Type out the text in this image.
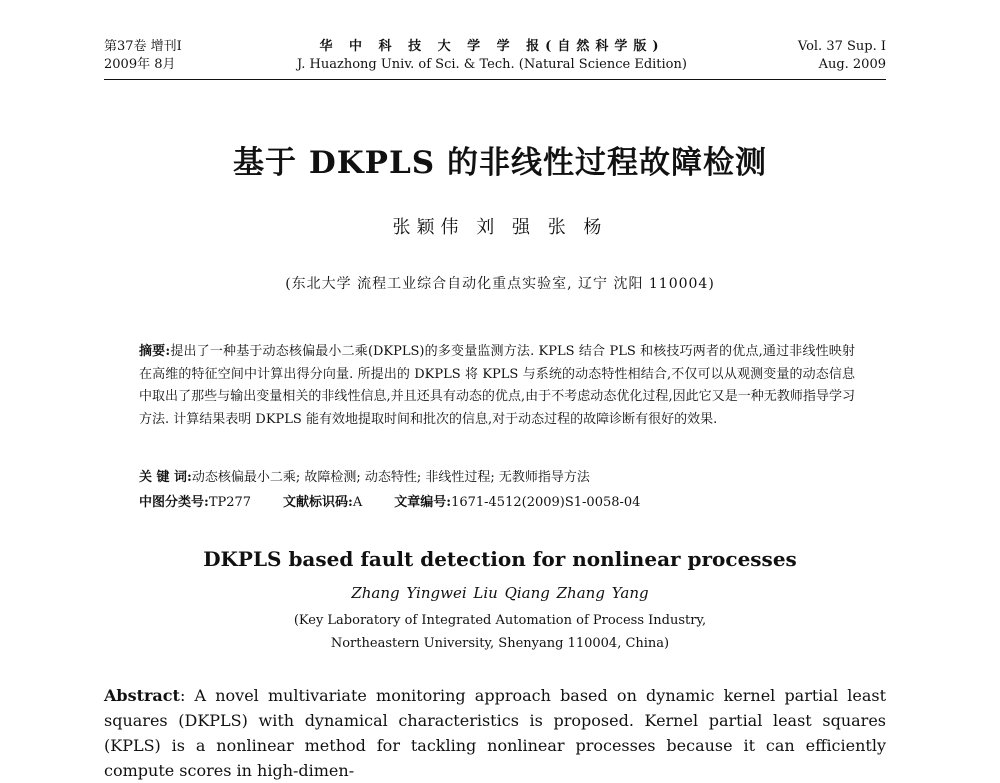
第37卷 增刊Ⅰ
2009年 8月
华 中 科 技 大 学 学 报(自然科学版)
J. Huazhong Univ. of Sci. & Tech. (Natural Science Edition)
Vol. 37 Sup. Ⅰ
Aug. 2009
基于 DKPLS 的非线性过程故障检测
张颖伟 刘 强 张 杨
(东北大学 流程工业综合自动化重点实验室, 辽宁 沈阳 110004)
摘要:提出了一种基于动态核偏最小二乘(DKPLS)的多变量监测方法. KPLS 结合 PLS 和核技巧两者的优点,通过非线性映射在高维的特征空间中计算出得分向量. 所提出的 DKPLS 将 KPLS 与系统的动态特性相结合,不仅可以从观测变量的动态信息中取出了那些与输出变量相关的非线性信息,并且还具有动态的优点,由于不考虑动态优化过程,因此它又是一种无教师指导学习方法. 计算结果表明 DKPLS 能有效地提取时间和批次的信息,对于动态过程的故障诊断有很好的效果.
关 键 词:动态核偏最小二乘; 故障检测; 动态特性; 非线性过程; 无教师指导方法
中图分类号:TP277 文献标识码:A 文章编号:1671-4512(2009)S1-0058-04
DKPLS based fault detection for nonlinear processes
Zhang Yingwei Liu Qiang Zhang Yang
(Key Laboratory of Integrated Automation of Process Industry,
Northeastern University, Shenyang 110004, China)
Abstract: A novel multivariate monitoring approach based on dynamic kernel partial least squares (DKPLS) with dynamical characteristics is proposed. Kernel partial least squares (KPLS) is a nonlinear method for tackling nonlinear processes because it can efficiently compute scores in high-dimen-
